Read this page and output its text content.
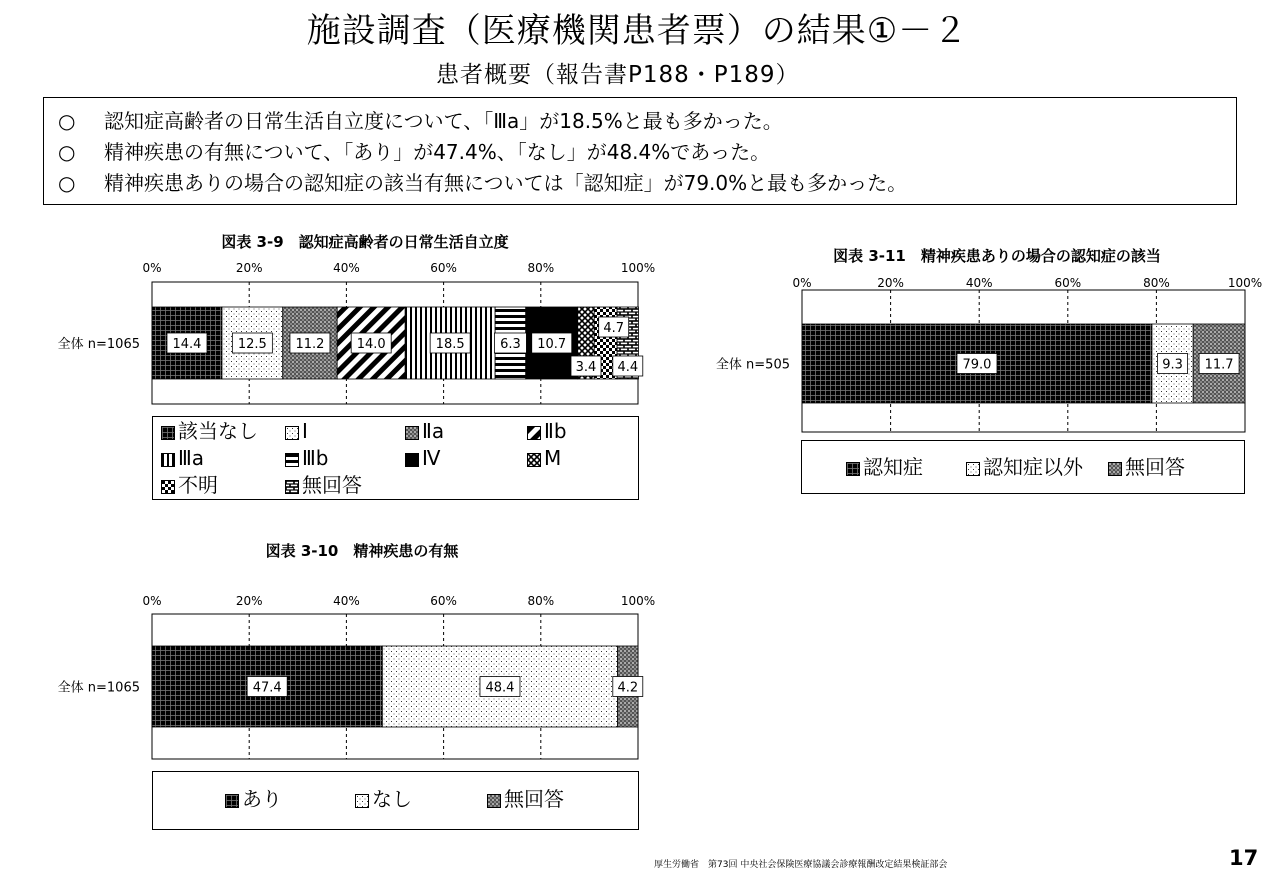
施設調査（医療機関患者票）の結果①－２
患者概要（報告書P188・P189）
○ 認知症高齢者の日常生活自立度について、「Ⅲa」が18.5%と最も多かった。
○ 精神疾患の有無について、「あり」が47.4%、「なし」が48.4%であった。
○ 精神疾患ありの場合の認知症の該当有無については「認知症」が79.0%と最も多かった。
図表 3-9　認知症高齢者の日常生活自立度
0%	20%	40%	60%	80%	100%
全体 n=1065	14.4	12.5 11.2 14.0	18.5	6.3 10.7
3.4
4.7
4.4
該当なし	Ⅰ	Ⅱa	Ⅱb
Ⅲa	Ⅲb	Ⅳ	M
不明	無回答
図表 3-11　精神疾患ありの場合の認知症の該当
0%	20%	40%	60%	80%	100%
全体 n=505	79.0	9.3 11.7
認知症	認知症以外	無回答
図表 3-10　精神疾患の有無
0%	20%	40%	60%	80%	100%
全体 n=1065	47.4	48.4	4.2
あり	なし	無回答
厚生労働省　第73回 中央社会保険医療協議会診療報酬改定結果検証部会	17
